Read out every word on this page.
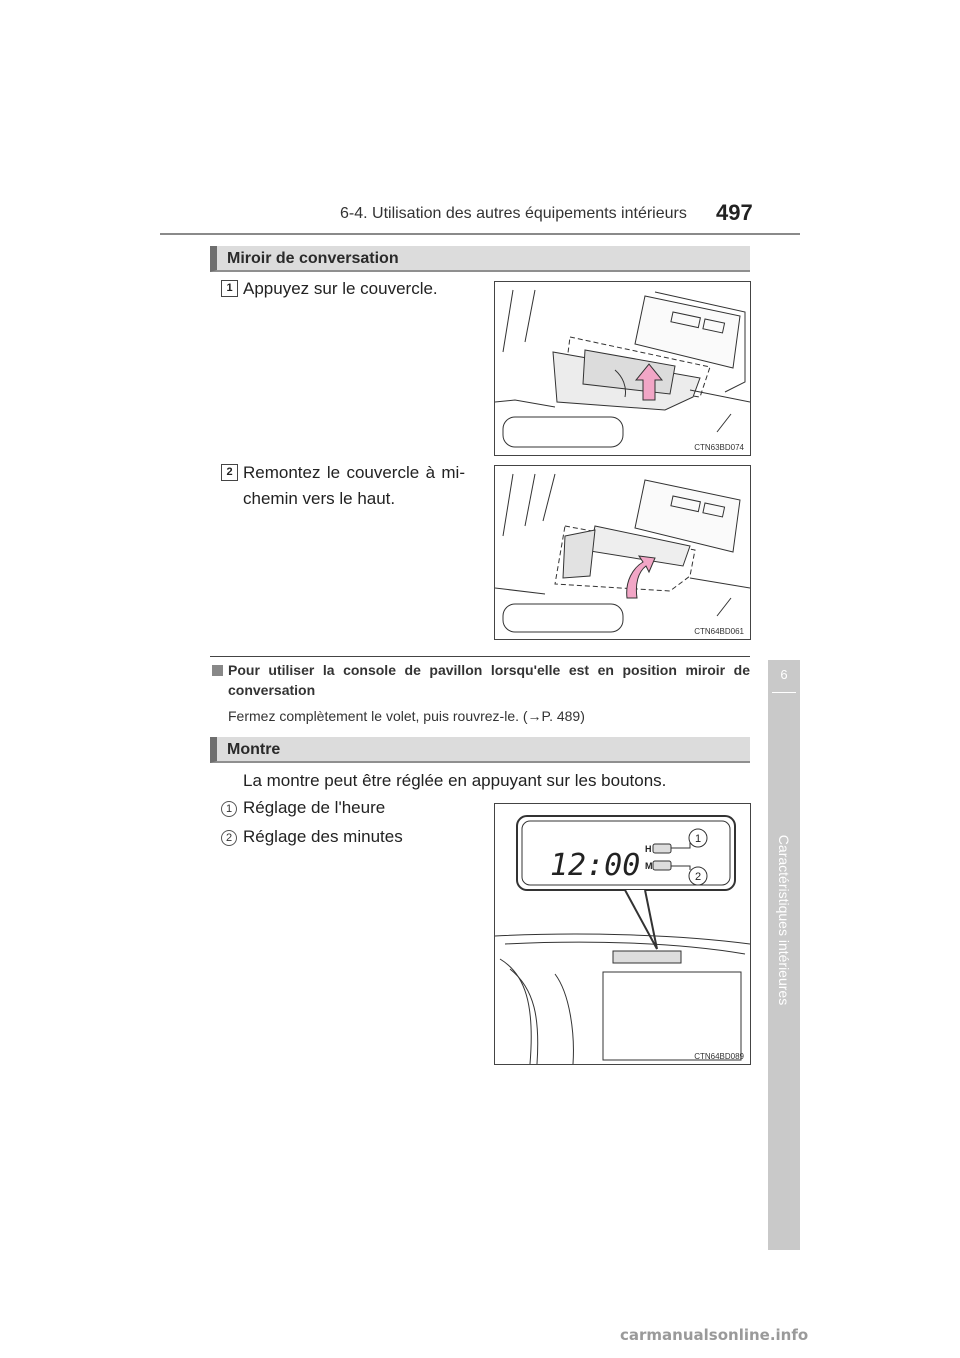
6-4. Utilisation des autres équipements intérieurs 497
6
Caractéristiques intérieures
Miroir de conversation
1 Appuyez sur le couvercle.
CTN63BD074
2 Remontez le couvercle à mi-
chemin vers le haut.
CTN64BD061
Pour utiliser la console de pavillon lorsqu'elle est en position miroir de conversation
Fermez complètement le volet, puis rouvrez-le. (→P. 489)
Montre
La montre peut être réglée en appuyant sur les boutons.
1 Réglage de l'heure
2 Réglage des minutes
12:00 H
M
1
2
CTN64BD089
carmanualsonline.info
